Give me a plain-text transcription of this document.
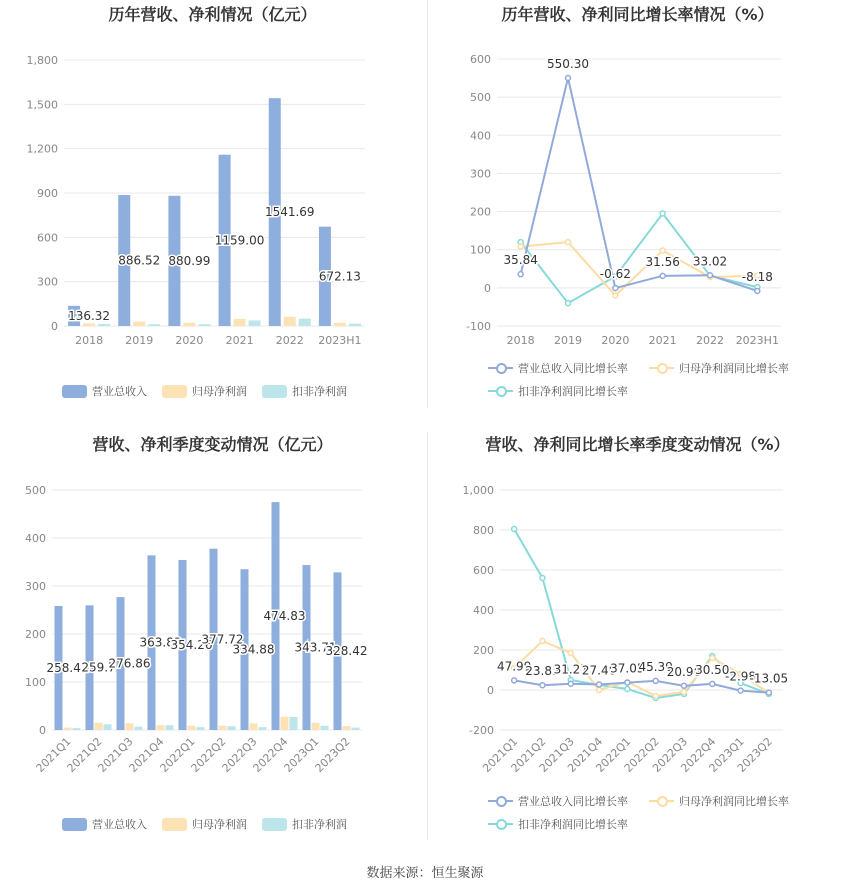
历年营收、净利情况（亿元）
0
300
600
900
1,200
1,500
1,800
2018 2019 2020 2021 2022 2023H1
136.32
886.52 880.99
1159.00
1541.69
672.13
营业总收入	归母净利润	扣非净利润
历年营收、净利同比增长率情况（%）
-100
0
100
200
300
400
500
600
2018 2019 2020 2021 2022 2023H1
35.84
550.30
-0.62
31.56 33.02
-8.18
营业总收入同比增长率	归母净利润同比增长率
扣非净利润同比增长率
营收、净利季度变动情况（亿元）
0
100
200
300
400
500
2021Q1
2021Q2
2021Q3
2021Q4
2022Q1
2022Q2
2022Q3
2022Q4
2023Q1
2023Q2
258.42
259.7
276.86
363.83
354.26
377.72
334.88
474.83
343.71
328.42
营业总收入	归母净利润	扣非净利润
营收、净利同比增长率季度变动情况（%）
-200
0
200
400
600
800
1,000
2021Q1
2021Q2
2021Q3
2021Q4
2022Q1
2022Q2
2022Q3
2022Q4
2023Q1
2023Q2
47.99
23.83
31.27
27.40
37.05
45.39
20.96
30.50
-2.98
-13.05
营业总收入同比增长率	归母净利润同比增长率
扣非净利润同比增长率
数据来源：恒生聚源
